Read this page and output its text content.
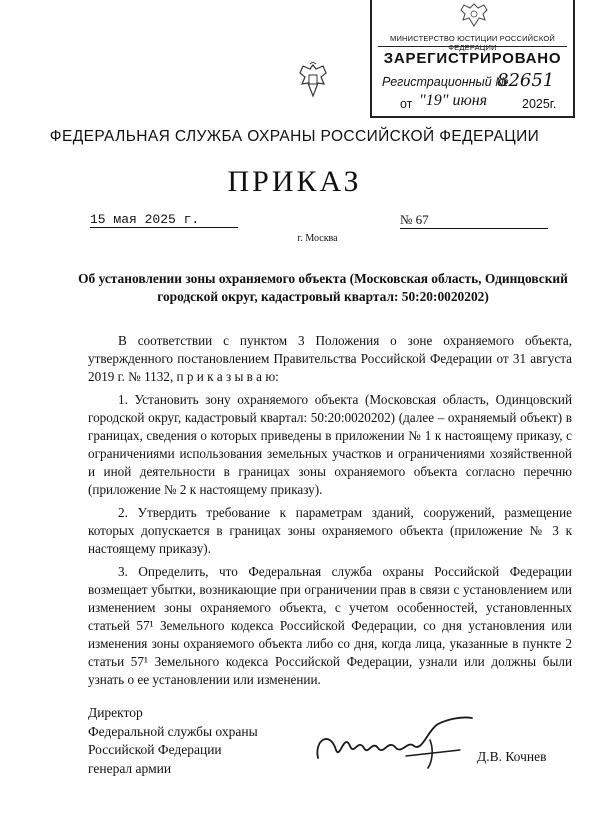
МИНИСТЕРСТВО ЮСТИЦИИ РОССИЙСКОЙ ФЕДЕРАЦИИ
ЗАРЕГИСТРИРОВАНО
Регистрационный №
82651
от "19" июня	2025г.
ФЕДЕРАЛЬНАЯ СЛУЖБА ОХРАНЫ РОССИЙСКОЙ ФЕДЕРАЦИИ
ПРИКАЗ
15 мая 2025 г.	№ 67
г. Москва
Об установлении зоны охраняемого объекта (Московская область, Одинцовский городской округ, кадастровый квартал: 50:20:0020202)

В соответствии с пунктом 3 Положения о зоне охраняемого объекта, утвержденного постановлением Правительства Российской Федерации от 31 августа 2019 г. № 1132, п р и к а з ы в а ю:

1. Установить зону охраняемого объекта (Московская область, Одинцовский городской округ, кадастровый квартал: 50:20:0020202) (далее – охраняемый объект) в границах, сведения о которых приведены в приложении № 1 к настоящему приказу, с ограничениями использования земельных участков и ограничениями хозяйственной и иной деятельности в границах зоны охраняемого объекта согласно перечню (приложение № 2 к настоящему приказу).

2. Утвердить требование к параметрам зданий, сооружений, размещение которых допускается в границах зоны охраняемого объекта (приложение № 3 к настоящему приказу).

3. Определить, что Федеральная служба охраны Российской Федерации возмещает убытки, возникающие при ограничении прав в связи с установлением или изменением зоны охраняемого объекта, с учетом особенностей, установленных статьей 57¹ Земельного кодекса Российской Федерации, со дня установления или изменения зоны охраняемого объекта либо со дня, когда лица, указанные в пункте 2 статьи 57¹ Земельного кодекса Российской Федерации, узнали или должны были узнать о ее установлении или изменении.

Директор
Федеральной службы охраны
Российской Федерации
генерал армии
Д.В. Кочнев
